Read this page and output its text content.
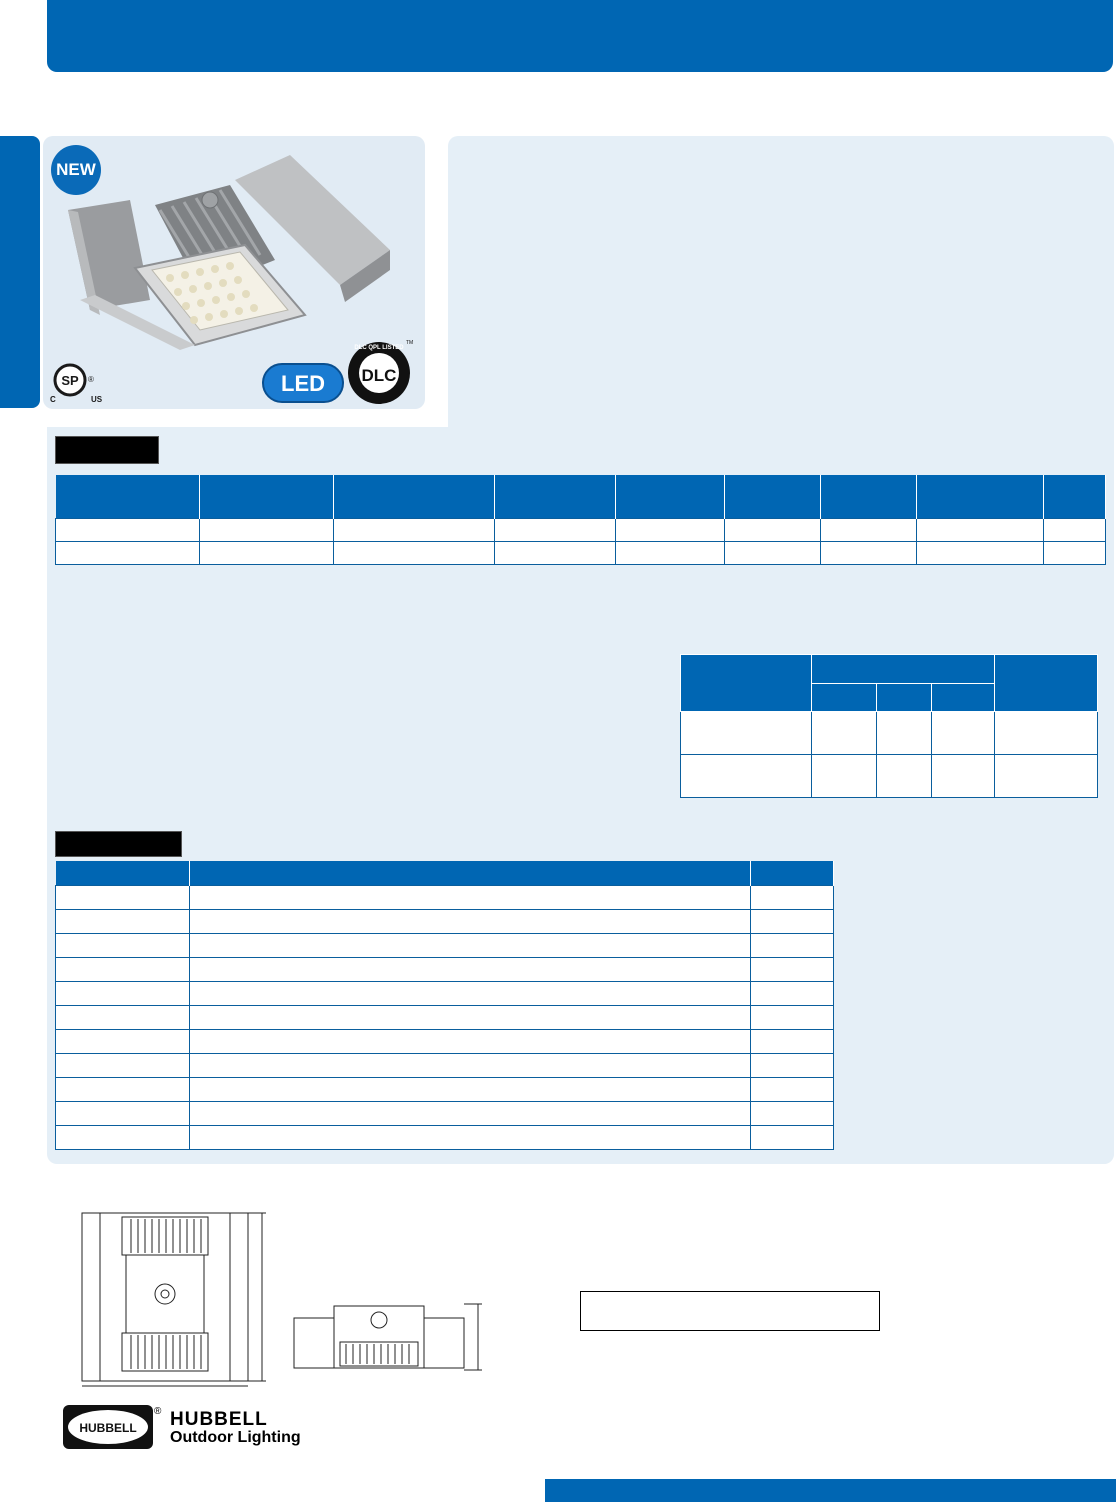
NEW
SP ®
C	US
LED DLC
DLC QPL LISTED
TM

HUBBELL
® HUBBELL
Outdoor Lighting
